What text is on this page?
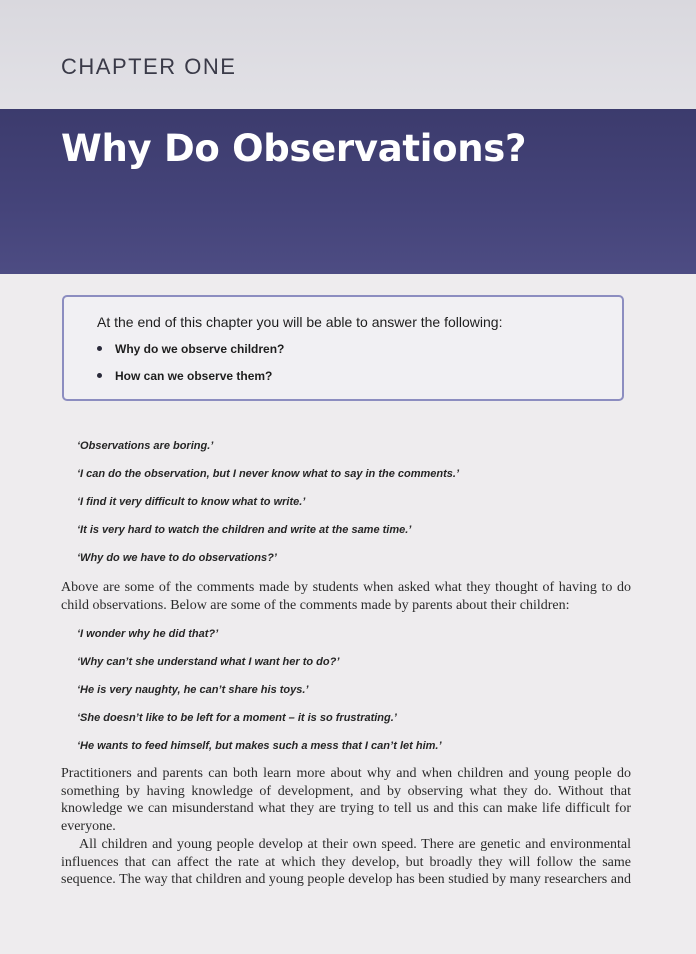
CHAPTER ONE
Why Do Observations?

At the end of this chapter you will be able to answer the following:

Why do we observe children?
How can we observe them?

‘Observations are boring.’

‘I can do the observation, but I never know what to say in the comments.’

‘I find it very difficult to know what to write.’

‘It is very hard to watch the children and write at the same time.’

‘Why do we have to do observations?’

Above are some of the comments made by students when asked what they thought of having to do
child observations. Below are some of the comments made by parents about their children:

‘I wonder why he did that?’

‘Why can’t she understand what I want her to do?’

‘He is very naughty, he can’t share his toys.’

‘She doesn’t like to be left for a moment – it is so frustrating.’

‘He wants to feed himself, but makes such a mess that I can’t let him.’

Practitioners and parents can both learn more about why and when children and young people do
something by having knowledge of development, and by observing what they do. Without that
knowledge we can misunderstand what they are trying to tell us and this can make life difficult for
everyone.
All children and young people develop at their own speed. There are genetic and environmental
influences that can affect the rate at which they develop, but broadly they will follow the same
sequence. The way that children and young people develop has been studied by many researchers and
